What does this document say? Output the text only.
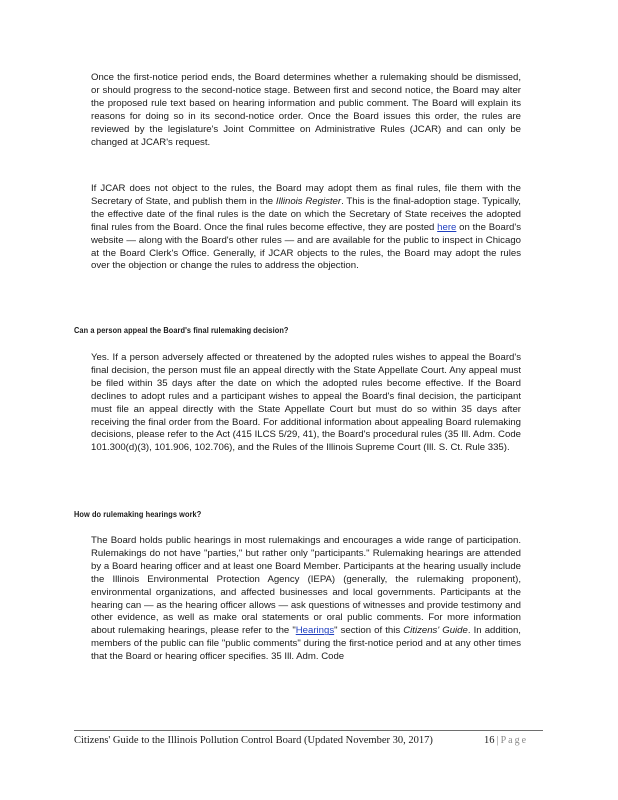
Once the first-notice period ends, the Board determines whether a rulemaking should be dismissed, or should progress to the second-notice stage. Between first and second notice, the Board may alter the proposed rule text based on hearing information and public comment. The Board will explain its reasons for doing so in its second-notice order. Once the Board issues this order, the rules are reviewed by the legislature's Joint Committee on Administrative Rules (JCAR) and can only be changed at JCAR's request.

If JCAR does not object to the rules, the Board may adopt them as final rules, file them with the Secretary of State, and publish them in the Illinois Register. This is the final-adoption stage. Typically, the effective date of the final rules is the date on which the Secretary of State receives the adopted final rules from the Board. Once the final rules become effective, they are posted here on the Board's website — along with the Board's other rules — and are available for the public to inspect in Chicago at the Board Clerk's Office. Generally, if JCAR objects to the rules, the Board may adopt the rules over the objection or change the rules to address the objection.

Can a person appeal the Board's final rulemaking decision?

Yes. If a person adversely affected or threatened by the adopted rules wishes to appeal the Board's final decision, the person must file an appeal directly with the State Appellate Court. Any appeal must be filed within 35 days after the date on which the adopted rules become effective. If the Board declines to adopt rules and a participant wishes to appeal the Board's final decision, the participant must file an appeal directly with the State Appellate Court but must do so within 35 days after receiving the final order from the Board. For additional information about appealing Board rulemaking decisions, please refer to the Act (415 ILCS 5/29, 41), the Board's procedural rules (35 Ill. Adm. Code 101.300(d)(3), 101.906, 102.706), and the Rules of the Illinois Supreme Court (Ill. S. Ct. Rule 335).

How do rulemaking hearings work?

The Board holds public hearings in most rulemakings and encourages a wide range of participation. Rulemakings do not have "parties," but rather only "participants." Rulemaking hearings are attended by a Board hearing officer and at least one Board Member. Participants at the hearing usually include the Illinois Environmental Protection Agency (IEPA) (generally, the rulemaking proponent), environmental organizations, and affected businesses and local governments. Participants at the hearing can — as the hearing officer allows — ask questions of witnesses and provide testimony and other evidence, as well as make oral statements or oral public comments. For more information about rulemaking hearings, please refer to the "Hearings" section of this Citizens' Guide. In addition, members of the public can file "public comments" during the first-notice period and at any other times that the Board or hearing officer specifies. 35 Ill. Adm. Code

Citizens' Guide to the Illinois Pollution Control Board (Updated November 30, 2017)	16 | Page
